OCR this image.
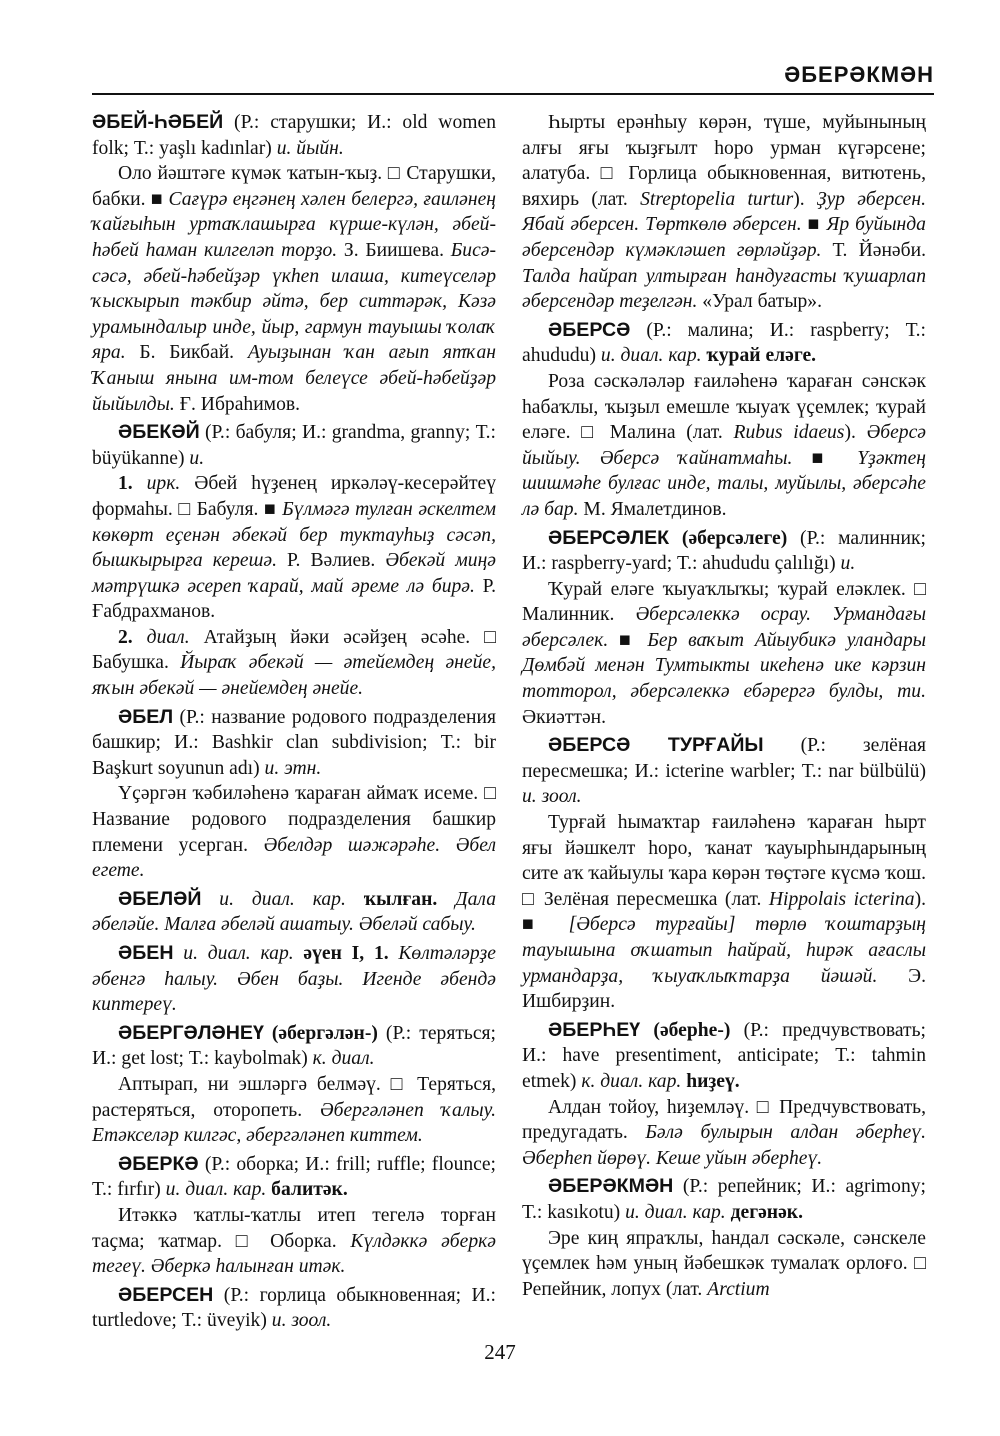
ӘБЕРӘКМӘН

ӘБЕЙ-ҺӘБЕЙ (Р.: старушки; И.: old women folk; Т.: yaşlı kadınlar) и. йыйн.

Оло йәштәге күмәк ҡатын-ҡыҙ. □ Старушки, бабки. ■ Сағүрә еңгәнең хәлен белергә, ғаиләнең ҡайғыһын уртаҡлашырға күрше-күлән, әбей-һәбей һаман килгеләп торҙо. З. Биишева. Бисә-сәсә, әбей-һәбейҙәр үкһеп илаша, китеүселәр ҡыскырып тәкбир әйтә, бер ситтәрәк, Кәзә урамындалыр инде, йыр, гармун тауышы ҡолаҡ яра. Б. Бикбай. Ауыҙынан ҡан ағып ятҡан Ҡаныш янына им-том белеүсе әбей-һәбейҙәр йыйылды. Ғ. Ибраһимов.

ӘБЕКӘЙ (Р.: бабуля; И.: grandma, granny; Т.: büyükanne) и.

1. ирк. Әбей һүҙенең иркәләү-кесерәйтеү формаһы. □ Бабуля. ■ Бүлмәгә тулған әскелтем көкөрт еҫенән әбекәй бер туктауһыҙ сәсәп, бышкырырға керешә. Р. Вәлиев. Әбекәй миңә мәтрүшкә әсереп ҡарай, май әреме лә бирә. Р. Ғабдрахманов.

2. диал. Атайҙың йәки әсәйҙең әсәһе. □ Бабушка. Йыраҡ әбекәй — әтейемдең әнейе, яҡын әбекәй — әнейемдең әнейе.

ӘБЕЛ (Р.: название родового подразделения башкир; И.: Bashkir clan subdivision; Т.: bir Başkurt soyunun adı) и. этн.

Үҫәргән ҡәбиләһенә ҡараған аймаҡ исеме. □ Название родового подразделения башкир племени усерган. Әбелдәр шәжәрәһе. Әбел егете.

ӘБЕЛӘЙ и. диал. кар. ҡылған. Дала әбеләйе. Малға әбеләй ашатыу. Әбеләй сабыу.

ӘБЕН и. диал. кар. әүен I, 1. Көлтәләрҙе әбенгә һалыу. Әбен баҙы. Игенде әбендә киптереү.

ӘБЕРГӘЛӘНЕҮ (әбергәлән-) (Р.: теряться; И.: get lost; Т.: kaybolmak) к. диал.

Аптырап, ни эшләргә белмәү. □ Теряться, растеряться, оторопеть. Әбергәләнеп ҡалыу. Етәкселәр килгәс, әбергәләнеп киттем.

ӘБЕРКӘ (Р.: оборка; И.: frill; ruffle; flounce; Т.: fırfır) и. диал. кар. балитәк.

Итәккә ҡатлы-ҡатлы итеп тегелә торған таҫма; ҡатмар. □ Оборка. Күлдәккә әберкә тегеү. Әберкә һалынған итәк.

ӘБЕРСЕН (Р.: горлица обыкновенная; И.: turtledove; Т.: üveyik) и. зоол.

Һырты ерәнһыу көрән, түше, муйынының алғы яғы ҡыҙғылт һоро урман күгәрсене; алатуба. □ Горлица обыкновенная, витютень, вяхирь (лат. Streptopelia turtur). Ҙур әберсен. Ябай әберсен. Төрткөлө әберсен. ■ Яр буйында әберсендәр күмәкләшеп гөрләйҙәр. Т. Йәнәби. Талда һайрап ултырған һандуғасты ҡушарлап әберсендәр теҙелгән. «Урал батыр».

ӘБЕРСӘ (Р.: малина; И.: raspberry; Т.: ahududu) и. диал. кар. ҡурай еләге.

Роза сәскәләләр ғаиләһенә ҡараған сәнскәк һабаҡлы, ҡыҙыл емешле ҡыуаҡ үҫемлек; ҡурай еләге. □ Малина (лат. Rubus idaeus). Әберсә йыйыу. Әберсә ҡайнатмаһы. ■ Үҙәктең шишмәһе булғас инде, талы, муйылы, әберсәһе лә бар. М. Ямалетдинов.

ӘБЕРСӘЛЕК (әберсәлеге) (Р.: малинник; И.: raspberry-yard; Т.: ahududu çalılığı) и.

Ҡурай еләге ҡыуаҡлыҡы; ҡурай еләклек. □ Малинник. Әберсәлеккә осрау. Урмандағы әберсәлек. ■ Бер ваҡыт Айыубикә уландары Дөмбәй менән Тумтыкты икеһенә ике кәрзин тотторол, әберсәлеккә ебәрергә булды, ти. Әкиәттән.

ӘБЕРСӘ ТУРҒАЙЫ (Р.: зелёная пересмешка; И.: icterine warbler; Т.: nar bülbülü) и. зоол.

Турғай һымаҡтар ғаиләһенә ҡараған һырт яғы йәшкелт һоро, ҡанат ҡауырһындарының сите аҡ ҡайыулы ҡара көрән төҫтәге күсмә ҡош. □ Зелёная пересмешка (лат. Hippolais icterina). ■ [Әберсә турғайы] төрлө ҡоштарҙың тауышына оҡшатып һайрай, һирәк ағаслы урмандарҙа, ҡыуаҡлыҡтарҙа йәшәй. Э. Ишбирҙин.

ӘБЕРҺЕҮ (әберһе-) (Р.: предчувствовать; И.: have presentiment, anticipate; Т.: tahmin etmek) к. диал. кар. һиҙеү.

Алдан тойоу, һиҙемләү. □ Предчувствовать, предугадать. Бәлә булырын алдан әберһеү. Әберһеп йөрөү. Кеше уйын әберһеү.

ӘБЕРӘКМӘН (Р.: репейник; И.: agrimony; Т.: kasıkotu) и. диал. кар. дегәнәк.

Эре киң япраҡлы, һандал сәскәле, сәнскеле үҫемлек һәм уның йәбешкәк тумалаҡ орлоғо. □ Репейник, лопух (лат. Arctium

247
